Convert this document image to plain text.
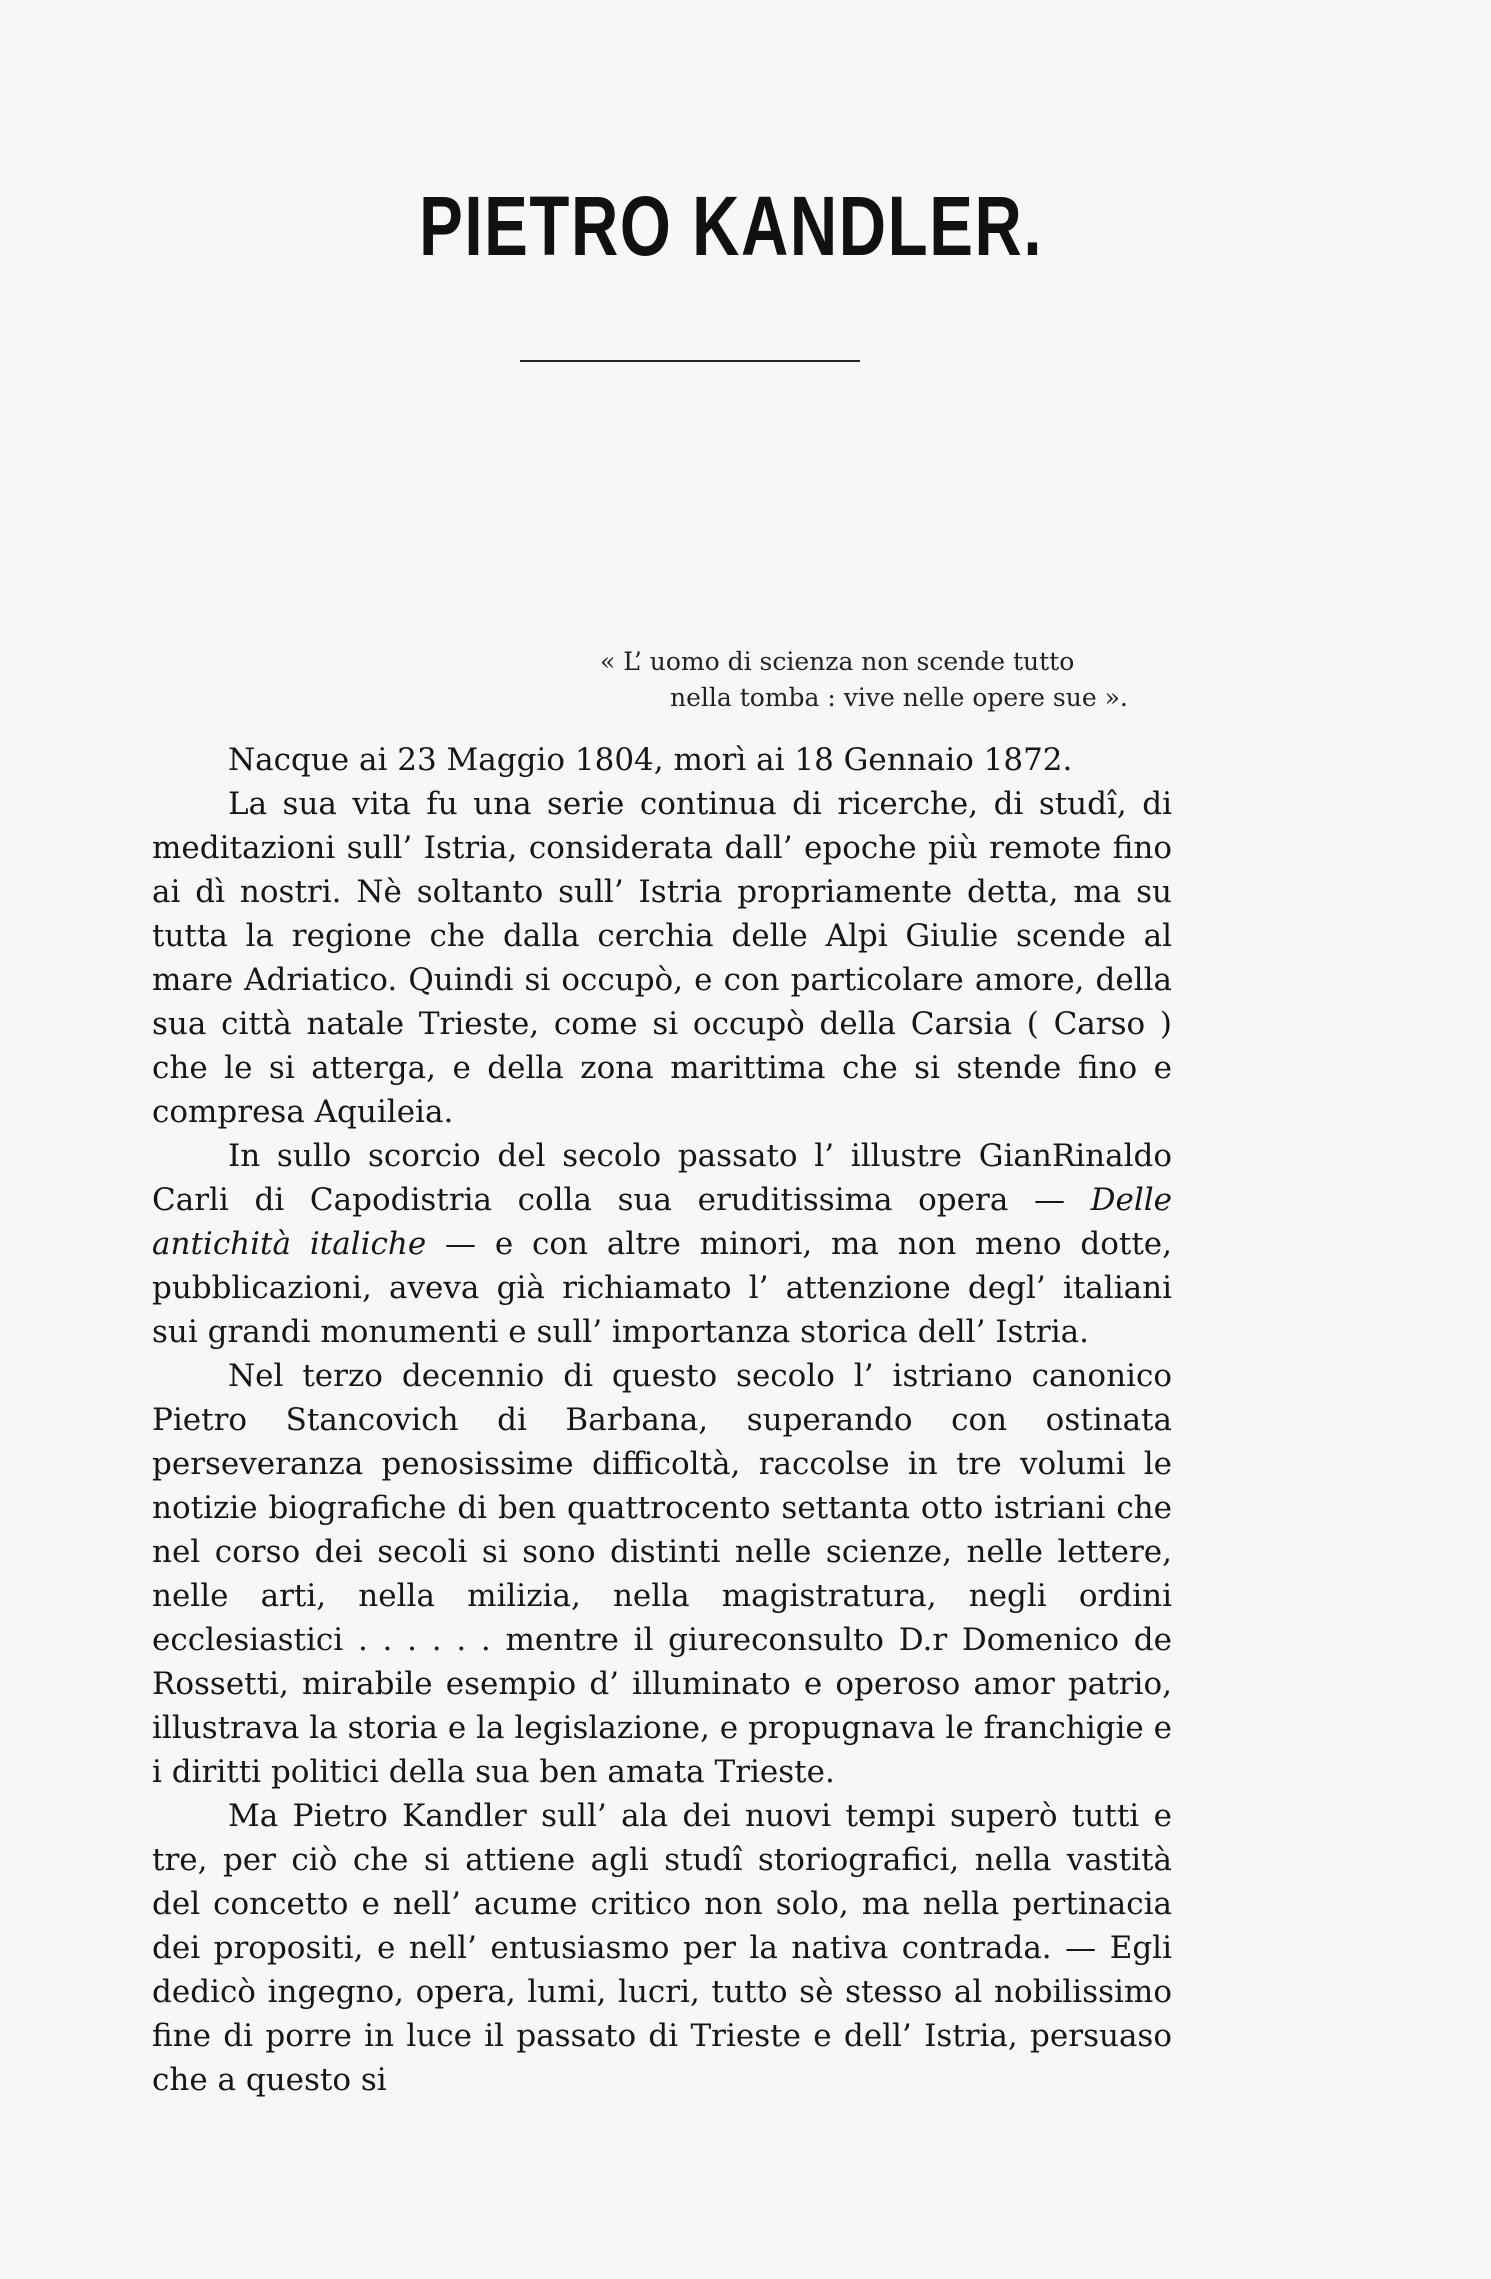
PIETRO KANDLER.
« L’ uomo di scienza non scende tutto
nella tomba : vive nelle opere sue ».

Nacque ai 23 Maggio 1804, morì ai 18 Gennaio 1872.

La sua vita fu una serie continua di ricerche, di studî, di meditazioni sull’ Istria, considerata dall’ epoche più remote fino ai dì nostri. Nè soltanto sull’ Istria propriamente detta, ma su tutta la regione che dalla cerchia delle Alpi Giulie scende al mare Adriatico. Quindi si occupò, e con particolare amore, della sua città natale Trieste, come si occupò della Carsia ( Carso ) che le si atterga, e della zona marittima che si stende fino e compresa Aquileia.

In sullo scorcio del secolo passato l’ illustre GianRinaldo Carli di Capodistria colla sua eruditissima opera — Delle antichità italiche — e con altre minori, ma non meno dotte, pubblicazioni, aveva già richiamato l’ attenzione degl’ italiani sui grandi monumenti e sull’ importanza storica dell’ Istria.

Nel terzo decennio di questo secolo l’ istriano canonico Pietro Stancovich di Barbana, superando con ostinata perseveranza penosissime difficoltà, raccolse in tre volumi le notizie biografiche di ben quattrocento settanta otto istriani che nel corso dei secoli si sono distinti nelle scienze, nelle lettere, nelle arti, nella milizia, nella magistratura, negli ordini ecclesiastici . . . . . . mentre il giureconsulto D.r Domenico de Rossetti, mirabile esempio d’ illuminato e operoso amor patrio, illustrava la storia e la legislazione, e propugnava le franchigie e i diritti politici della sua ben amata Trieste.

Ma Pietro Kandler sull’ ala dei nuovi tempi superò tutti e tre, per ciò che si attiene agli studî storiografici, nella vastità del concetto e nell’ acume critico non solo, ma nella pertinacia dei propositi, e nell’ entusiasmo per la nativa contrada. — Egli dedicò ingegno, opera, lumi, lucri, tutto sè stesso al nobilissimo fine di porre in luce il passato di Trieste e dell’ Istria, persuaso che a questo si
